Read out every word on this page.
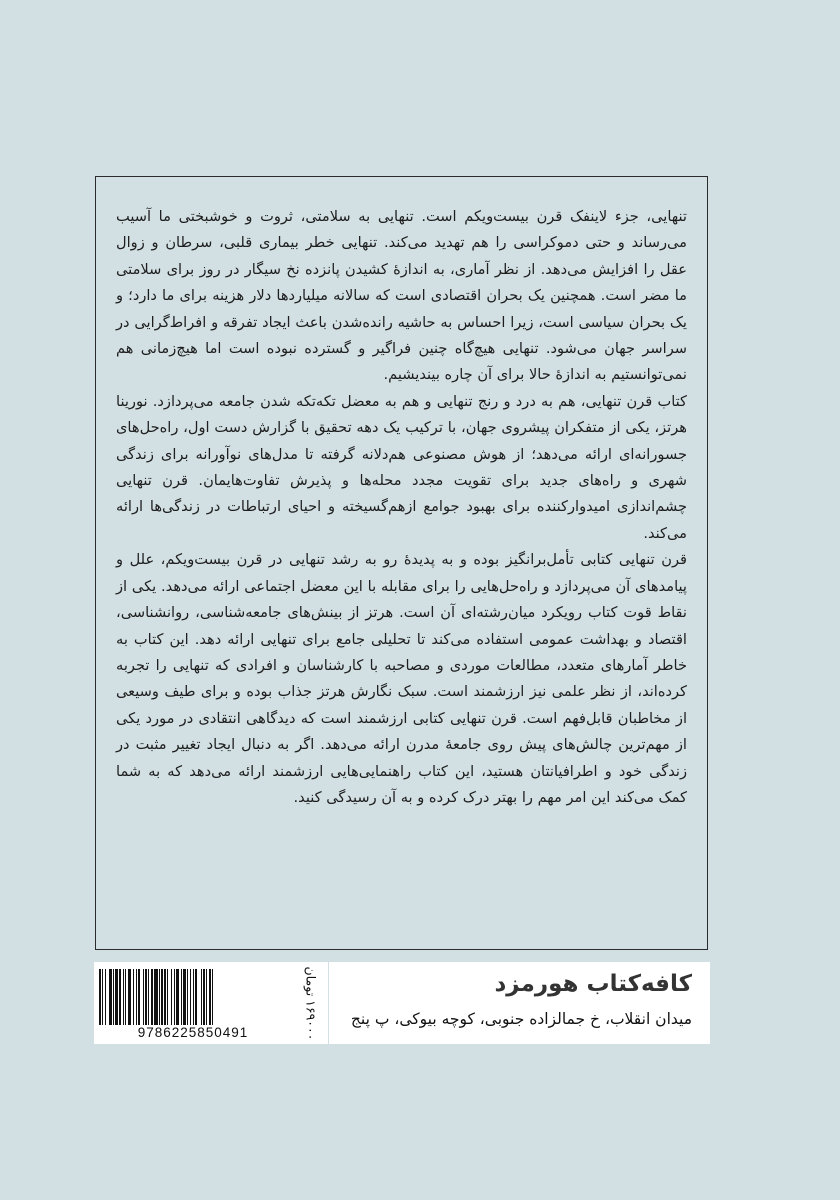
تنهایی، جزء لاینفک قرن بیست‌ویکم است. تنهایی به سلامتی، ثروت و خوشبختی ما آسیب می‌رساند و حتی دموکراسی را هم تهدید می‌کند. تنهایی خطر بیماری قلبی، سرطان و زوال عقل را افزایش می‌دهد. از نظر آماری، به اندازهٔ کشیدن پانزده نخ سیگار در روز برای سلامتی ما مضر است. همچنین یک بحران اقتصادی است که سالانه میلیاردها دلار هزینه برای ما دارد؛ و یک بحران سیاسی است، زیرا احساس به حاشیه رانده‌شدن باعث ایجاد تفرقه و افراط‌گرایی در سراسر جهان می‌شود. تنهایی هیچ‌گاه چنین فراگیر و گسترده نبوده است اما هیچ‌زمانی هم نمی‌توانستیم به اندازهٔ حالا برای آن چاره بیندیشیم.

کتاب قرن تنهایی، هم به درد و رنج تنهایی و هم به معضل تکه‌تکه شدن جامعه می‌پردازد. نورینا هرتز، یکی از متفکران پیشروی جهان، با ترکیب یک دهه تحقیق با گزارش دست اول، راه‌حل‌های جسورانه‌ای ارائه می‌دهد؛ از هوش مصنوعی هم‌دلانه گرفته تا مدل‌های نوآورانه برای زندگی شهری و راه‌های جدید برای تقویت مجدد محله‌ها و پذیرش تفاوت‌هایمان. قرن تنهایی چشم‌اندازی امیدوارکننده برای بهبود جوامع ازهم‌گسیخته و احیای ارتباطات در زندگی‌ها ارائه می‌کند.

قرن تنهایی کتابی تأمل‌برانگیز بوده و به پدیدهٔ رو به‌ رشد تنهایی در قرن بیست‌ویکم، علل و پیامدهای آن می‌پردازد و راه‌حل‌هایی را برای مقابله با این معضل اجتماعی ارائه می‌دهد. یکی از نقاط قوت کتاب رویکرد میان‌رشته‌ای آن است. هرتز از بینش‌های جامعه‌شناسی، روانشناسی، اقتصاد و بهداشت عمومی استفاده می‌کند تا تحلیلی جامع برای تنهایی ارائه دهد. این کتاب به خاطر آمارهای متعدد، مطالعات موردی و مصاحبه با کارشناسان و افرادی که تنهایی را تجربه کرده‌اند، از نظر علمی نیز ارزشمند است. سبک نگارش هرتز جذاب بوده و برای طیف وسیعی از مخاطبان قابل‌فهم است. قرن تنهایی کتابی ارزشمند است که دیدگاهی انتقادی در مورد یکی از مهم‌ترین چالش‌های پیش روی جامعهٔ مدرن ارائه می‌دهد. اگر به دنبال ایجاد تغییر مثبت در زندگی خود و اطرافیانتان هستید، این کتاب راهنمایی‌هایی ارزشمند ارائه می‌دهد که به شما کمک می‌کند این امر مهم را بهتر درک کرده و به آن رسیدگی کنید.

9786225850491
۱۶۹۰۰۰ تومان
کافه‌کتاب هورمزد
میدان انقلاب، خ جمالزاده جنوبی، کوچه بیوکی، پ پنج
